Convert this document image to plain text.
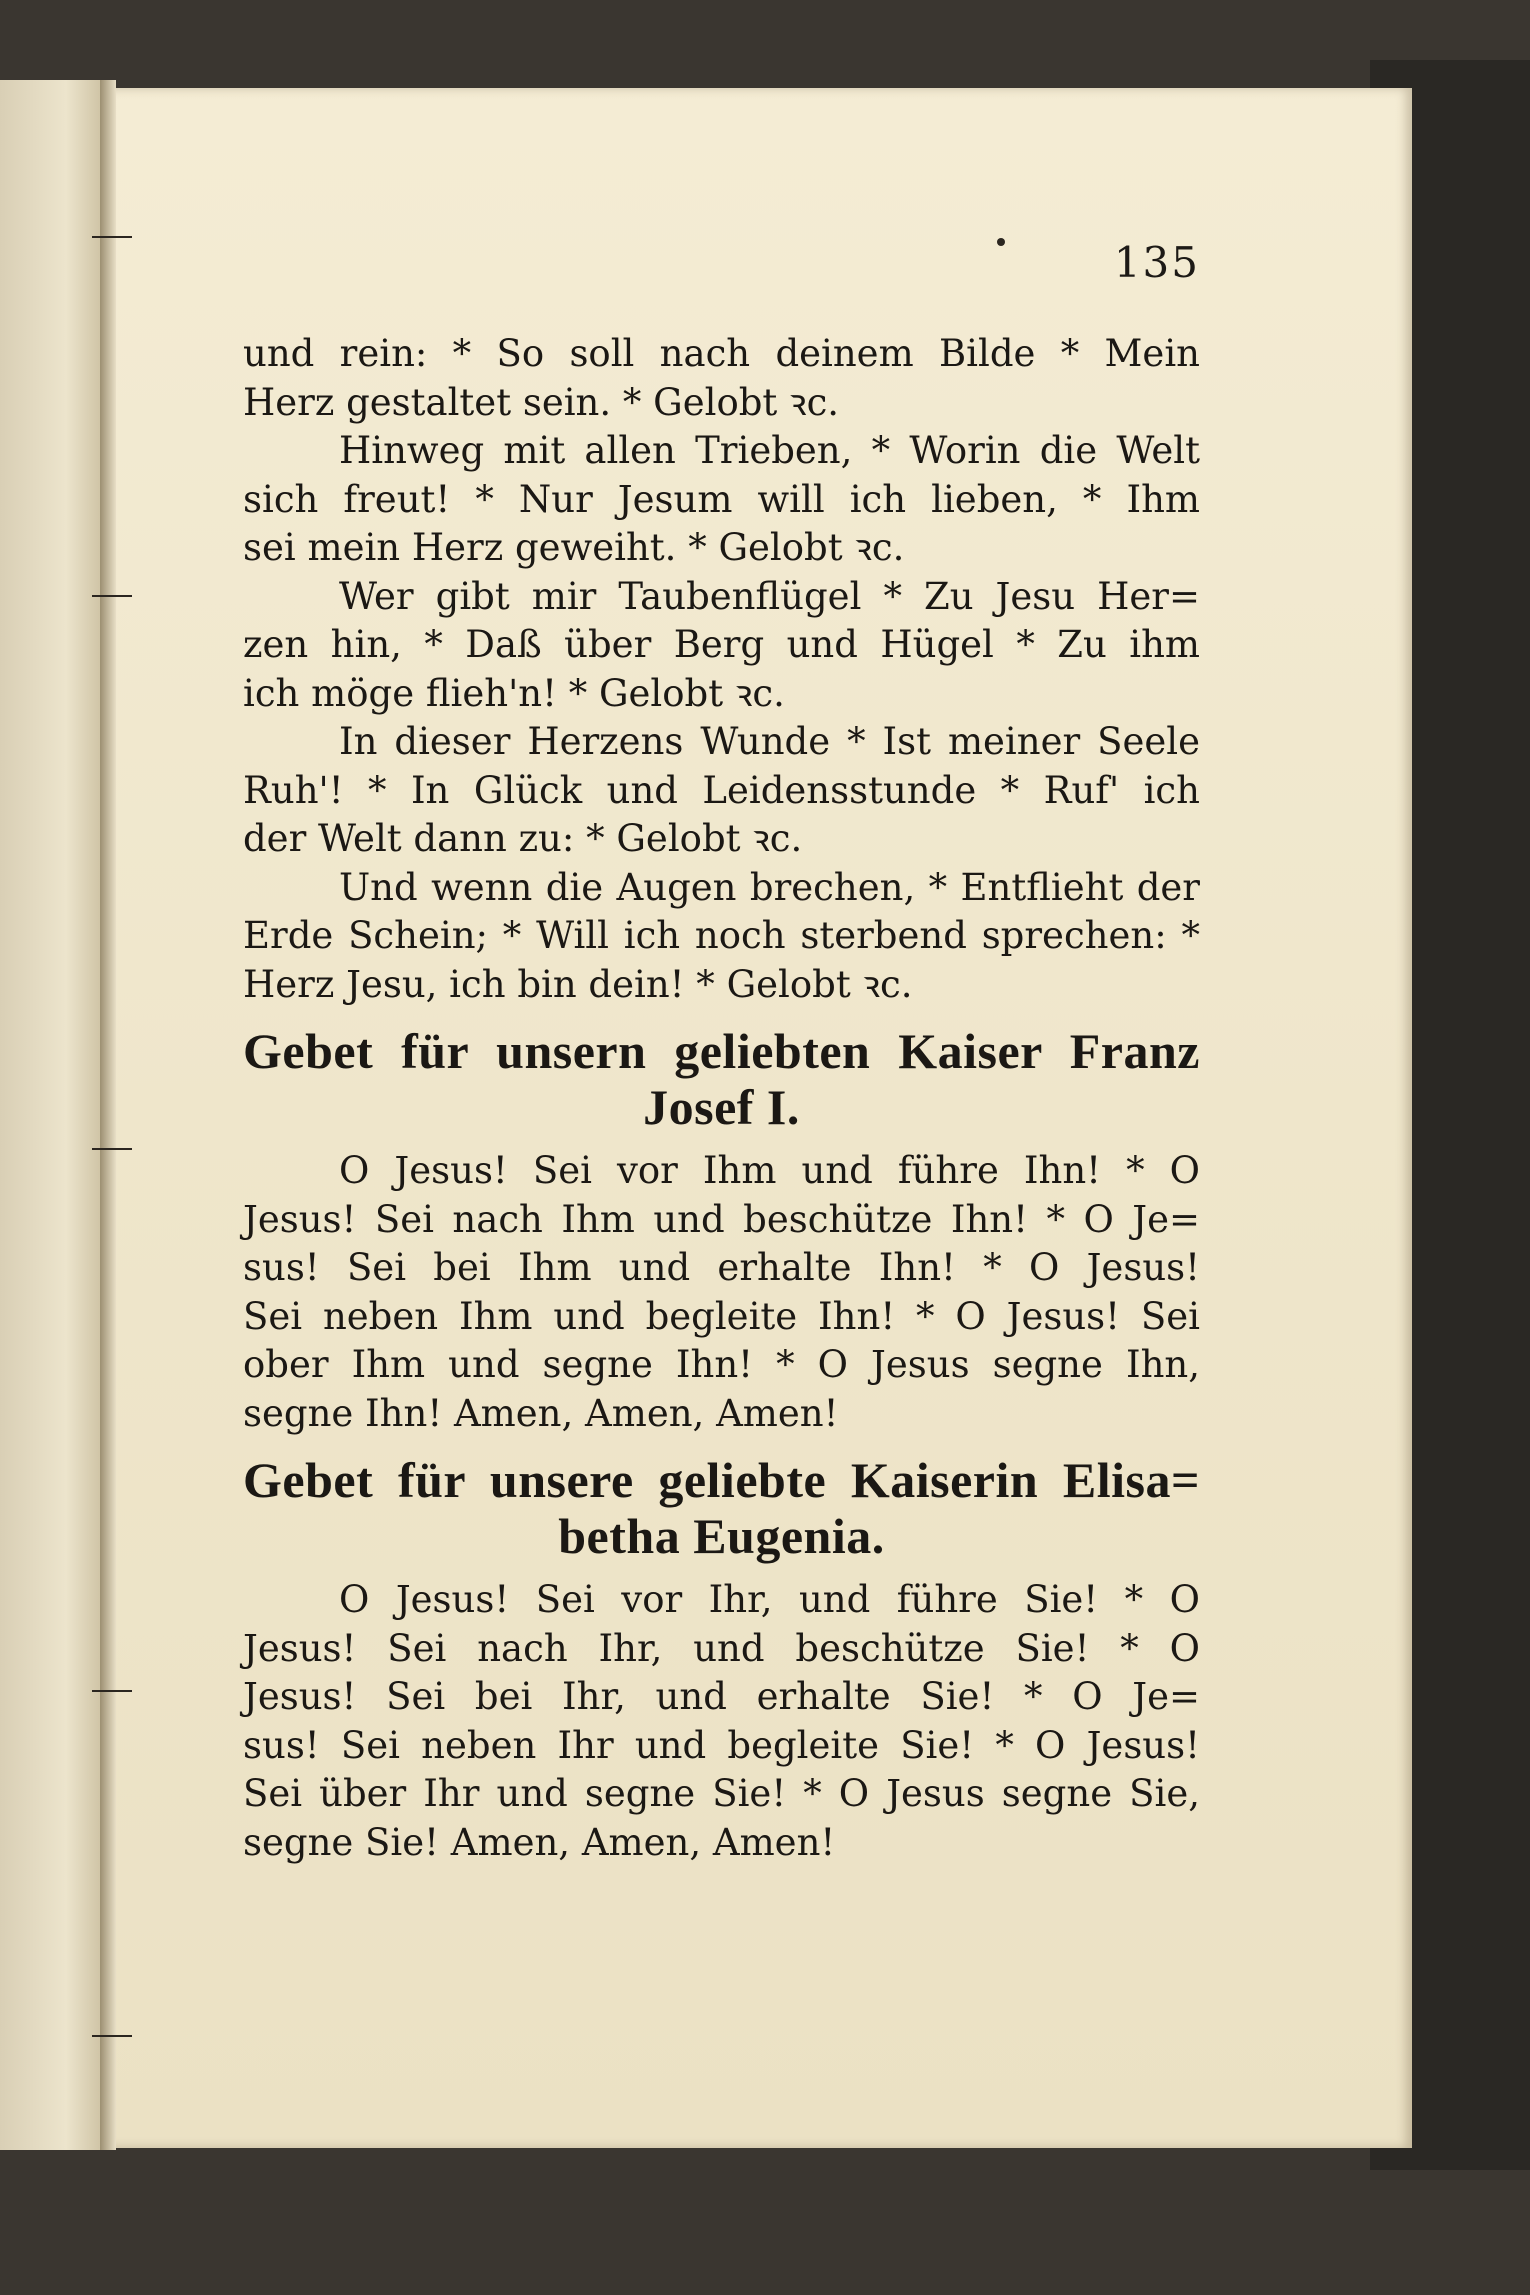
135
und rein: * So soll nach deinem Bilde * Mein
Herz gestaltet sein. * Gelobt ꝛc.
Hinweg mit allen Trieben, * Worin die Welt
sich freut! * Nur Jesum will ich lieben, * Ihm
sei mein Herz geweiht. * Gelobt ꝛc.
Wer gibt mir Taubenflügel * Zu Jesu Her=
zen hin, * Daß über Berg und Hügel * Zu ihm
ich möge flieh'n! * Gelobt ꝛc.
In dieser Herzens Wunde * Ist meiner Seele
Ruh'! * In Glück und Leidensstunde * Ruf' ich
der Welt dann zu: * Gelobt ꝛc.
Und wenn die Augen brechen, * Entflieht der
Erde Schein; * Will ich noch sterbend sprechen: *
Herz Jesu, ich bin dein! * Gelobt ꝛc.
Gebet für unsern geliebten Kaiser Franz
Josef I.
O Jesus! Sei vor Ihm und führe Ihn! * O
Jesus! Sei nach Ihm und beschütze Ihn! * O Je=
sus! Sei bei Ihm und erhalte Ihn! * O Jesus!
Sei neben Ihm und begleite Ihn! * O Jesus! Sei
ober Ihm und segne Ihn! * O Jesus segne Ihn,
segne Ihn! Amen, Amen, Amen!
Gebet für unsere geliebte Kaiserin Elisa=
betha Eugenia.
O Jesus! Sei vor Ihr, und führe Sie! * O
Jesus! Sei nach Ihr, und beschütze Sie! * O
Jesus! Sei bei Ihr, und erhalte Sie! * O Je=
sus! Sei neben Ihr und begleite Sie! * O Jesus!
Sei über Ihr und segne Sie! * O Jesus segne Sie,
segne Sie! Amen, Amen, Amen!
